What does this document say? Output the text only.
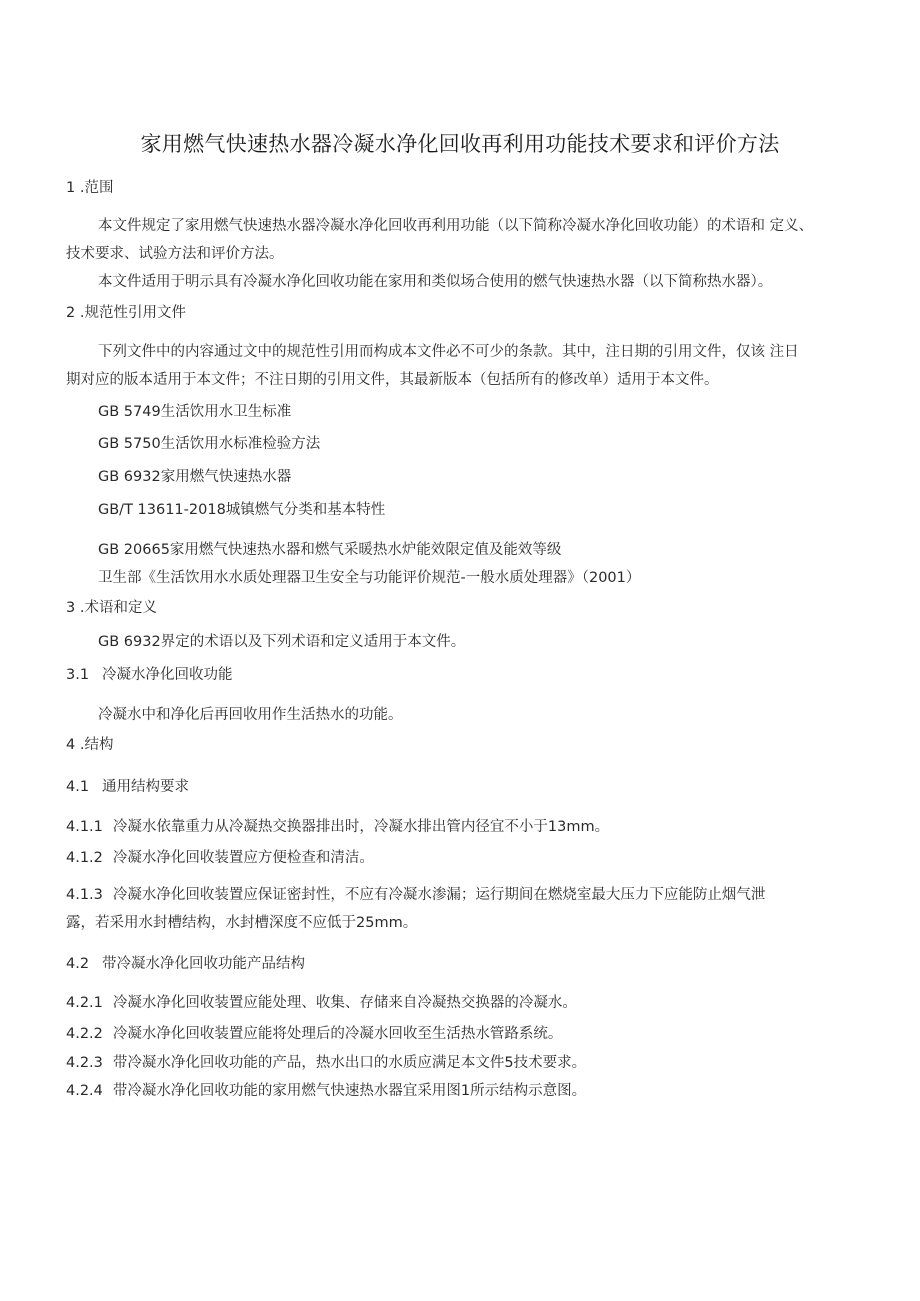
家用燃气快速热水器冷凝水净化回收再利用功能技术要求和评价方法
1 .范围
本文件规定了家用燃气快速热水器冷凝水净化回收再利用功能（以下简称冷凝水净化回收功能）的术语和 定义、
技术要求、试验方法和评价方法。
本文件适用于明示具有冷凝水净化回收功能在家用和类似场合使用的燃气快速热水器（以下简称热水器）。
2 .规范性引用文件
下列文件中的内容通过文中的规范性引用而构成本文件必不可少的条款。其中，注日期的引用文件，仅该 注日
期对应的版本适用于本文件；不注日期的引用文件，其最新版本（包括所有的修改单）适用于本文件。
GB 5749生活饮用水卫生标准
GB 5750生活饮用水标准检验方法
GB 6932家用燃气快速热水器
GB/T 13611-2018城镇燃气分类和基本特性
GB 20665家用燃气快速热水器和燃气采暖热水炉能效限定值及能效等级
卫生部《生活饮用水水质处理器卫生安全与功能评价规范-一般水质处理器》（2001）
3 .术语和定义
GB 6932界定的术语以及下列术语和定义适用于本文件。
3.1 冷凝水净化回收功能
冷凝水中和净化后再回收用作生活热水的功能。
4 .结构
4.1 通用结构要求
4.1.1 冷凝水依靠重力从冷凝热交换器排出时，冷凝水排出管内径宜不小于13mm。
4.1.2 冷凝水净化回收装置应方便检查和清洁。
4.1.3 冷凝水净化回收装置应保证密封性，不应有冷凝水渗漏；运行期间在燃烧室最大压力下应能防止烟气泄
露，若采用水封槽结构，水封槽深度不应低于25mm。
4.2 带冷凝水净化回收功能产品结构
4.2.1 冷凝水净化回收装置应能处理、收集、存储来自冷凝热交换器的冷凝水。
4.2.2 冷凝水净化回收装置应能将处理后的冷凝水回收至生活热水管路系统。
4.2.3 带冷凝水净化回收功能的产品，热水出口的水质应满足本文件5技术要求。
4.2.4 带冷凝水净化回收功能的家用燃气快速热水器宜采用图1所示结构示意图。
